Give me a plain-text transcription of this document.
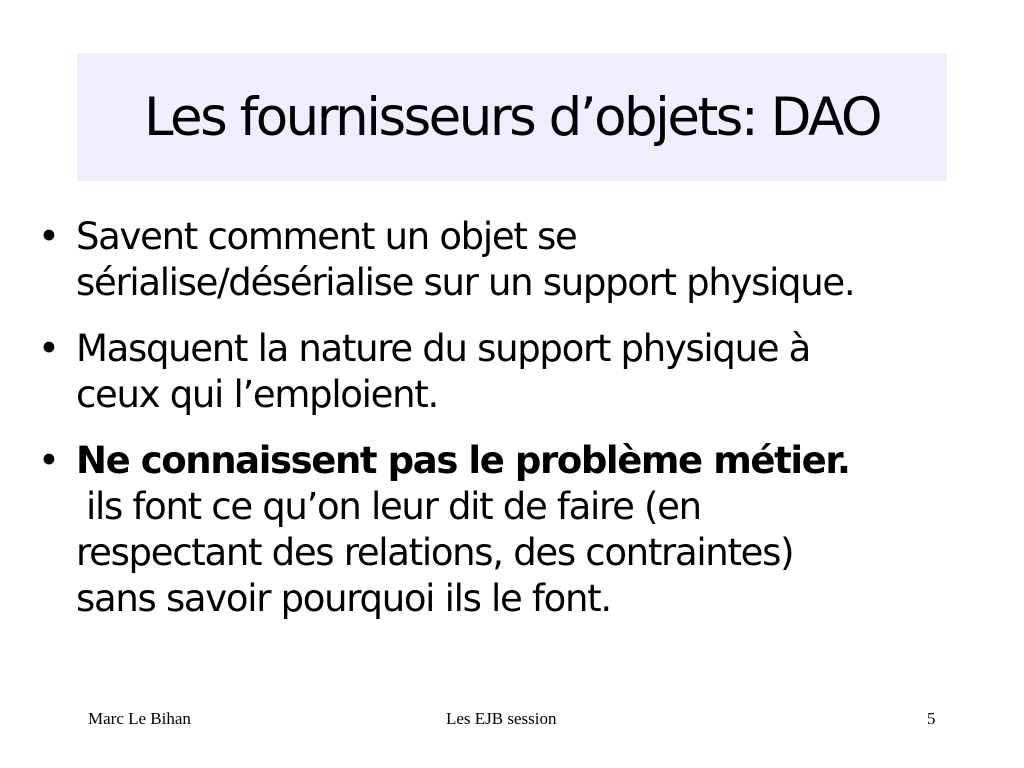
Les fournisseurs d’objets: DAO
• Savent comment un objet se
sérialise/désérialise sur un support physique.
• Masquent la nature du support physique à
ceux qui l’emploient.
• Ne connaissent pas le problème métier.
ils font ce qu’on leur dit de faire (en
respectant des relations, des contraintes)
sans savoir pourquoi ils le font.
Marc Le Bihan	Les EJB session	5
